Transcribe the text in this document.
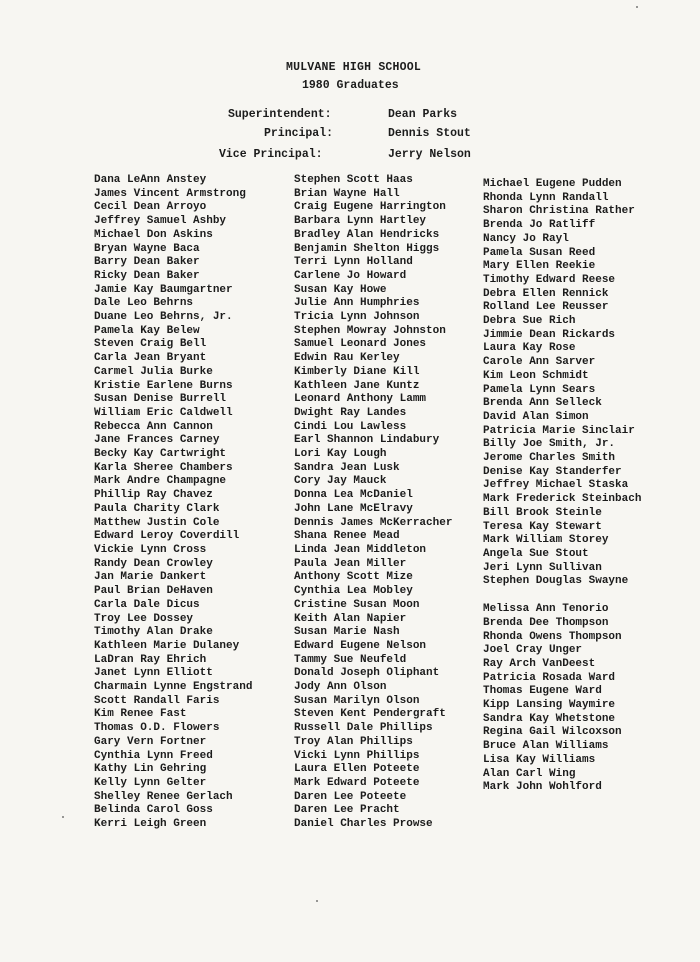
MULVANE HIGH SCHOOL
1980 Graduates
Superintendent:	Dean Parks
Principal:	Dennis Stout
Vice Principal:	Jerry Nelson
Dana LeAnn Anstey
James Vincent Armstrong
Cecil Dean Arroyo
Jeffrey Samuel Ashby
Michael Don Askins
Bryan Wayne Baca
Barry Dean Baker
Ricky Dean Baker
Jamie Kay Baumgartner
Dale Leo Behrns
Duane Leo Behrns, Jr.
Pamela Kay Belew
Steven Craig Bell
Carla Jean Bryant
Carmel Julia Burke
Kristie Earlene Burns
Susan Denise Burrell
William Eric Caldwell
Rebecca Ann Cannon
Jane Frances Carney
Becky Kay Cartwright
Karla Sheree Chambers
Mark Andre Champagne
Phillip Ray Chavez
Paula Charity Clark
Matthew Justin Cole
Edward Leroy Coverdill
Vickie Lynn Cross
Randy Dean Crowley
Jan Marie Dankert
Paul Brian DeHaven
Carla Dale Dicus
Troy Lee Dossey
Timothy Alan Drake
Kathleen Marie Dulaney
LaDran Ray Ehrich
Janet Lynn Elliott
Charmain Lynne Engstrand
Scott Randall Faris
Kim Renee Fast
Thomas O.D. Flowers
Gary Vern Fortner
Cynthia Lynn Freed
Kathy Lin Gehring
Kelly Lynn Gelter
Shelley Renee Gerlach
Belinda Carol Goss
Kerri Leigh Green
Stephen Scott Haas
Brian Wayne Hall
Craig Eugene Harrington
Barbara Lynn Hartley
Bradley Alan Hendricks
Benjamin Shelton Higgs
Terri Lynn Holland
Carlene Jo Howard
Susan Kay Howe
Julie Ann Humphries
Tricia Lynn Johnson
Stephen Mowray Johnston
Samuel Leonard Jones
Edwin Rau Kerley
Kimberly Diane Kill
Kathleen Jane Kuntz
Leonard Anthony Lamm
Dwight Ray Landes
Cindi Lou Lawless
Earl Shannon Lindabury
Lori Kay Lough
Sandra Jean Lusk
Cory Jay Mauck
Donna Lea McDaniel
John Lane McElravy
Dennis James McKerracher
Shana Renee Mead
Linda Jean Middleton
Paula Jean Miller
Anthony Scott Mize
Cynthia Lea Mobley
Cristine Susan Moon
Keith Alan Napier
Susan Marie Nash
Edward Eugene Nelson
Tammy Sue Neufeld
Donald Joseph Oliphant
Jody Ann Olson
Susan Marilyn Olson
Steven Kent Pendergraft
Russell Dale Phillips
Troy Alan Phillips
Vicki Lynn Phillips
Laura Ellen Poteete
Mark Edward Poteete
Daren Lee Poteete
Daren Lee Pracht
Daniel Charles Prowse
Michael Eugene Pudden
Rhonda Lynn Randall
Sharon Christina Rather
Brenda Jo Ratliff
Nancy Jo Rayl
Pamela Susan Reed
Mary Ellen Reekie
Timothy Edward Reese
Debra Ellen Rennick
Rolland Lee Reusser
Debra Sue Rich
Jimmie Dean Rickards
Laura Kay Rose
Carole Ann Sarver
Kim Leon Schmidt
Pamela Lynn Sears
Brenda Ann Selleck
David Alan Simon
Patricia Marie Sinclair
Billy Joe Smith, Jr.
Jerome Charles Smith
Denise Kay Standerfer
Jeffrey Michael Staska
Mark Frederick Steinbach
Bill Brook Steinle
Teresa Kay Stewart
Mark William Storey
Angela Sue Stout
Jeri Lynn Sullivan
Stephen Douglas Swayne
Melissa Ann Tenorio
Brenda Dee Thompson
Rhonda Owens Thompson
Joel Cray Unger
Ray Arch VanDeest
Patricia Rosada Ward
Thomas Eugene Ward
Kipp Lansing Waymire
Sandra Kay Whetstone
Regina Gail Wilcoxson
Bruce Alan Williams
Lisa Kay Williams
Alan Carl Wing
Mark John Wohlford
